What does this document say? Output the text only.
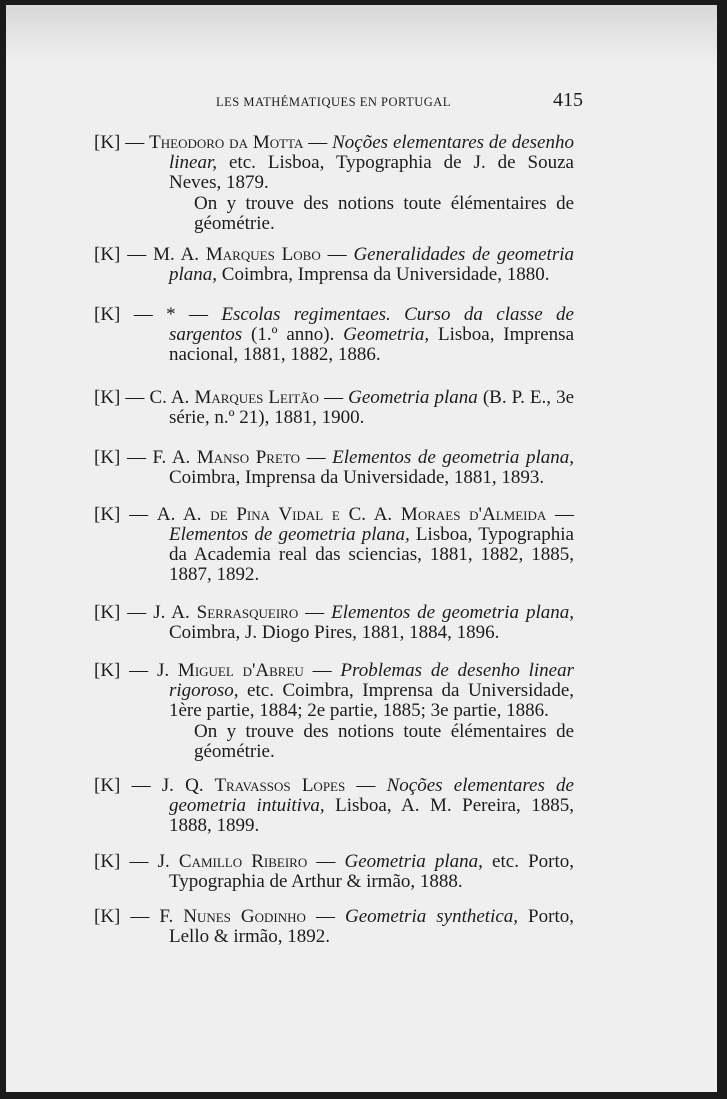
LES MATHÉMATIQUES EN PORTUGAL	415
[K] — Theodoro da Motta — Noções elementares de desenho linear, etc. Lisboa, Typographia de J. de Souza Neves, 1879.
On y trouve des notions toute élémentaires de géométrie.
[K] — M. A. Marques Lobo — Generalidades de geometria plana, Coimbra, Imprensa da Universidade, 1880.
[K] — * — Escolas regimentaes. Curso da classe de sargentos (1.º anno). Geometria, Lisboa, Imprensa nacional, 1881, 1882, 1886.
[K] — C. A. Marques Leitão — Geometria plana (B. P. E., 3e série, n.º 21), 1881, 1900.
[K] — F. A. Manso Preto — Elementos de geometria plana, Coimbra, Imprensa da Universidade, 1881, 1893.
[K] — A. A. de Pina Vidal e C. A. Moraes d'Almeida — Elementos de geometria plana, Lisboa, Typographia da Academia real das sciencias, 1881, 1882, 1885, 1887, 1892.
[K] — J. A. Serrasqueiro — Elementos de geometria plana, Coimbra, J. Diogo Pires, 1881, 1884, 1896.
[K] — J. Miguel d'Abreu — Problemas de desenho linear rigoroso, etc. Coimbra, Imprensa da Universidade, 1ère partie, 1884; 2e partie, 1885; 3e partie, 1886.
On y trouve des notions toute élémentaires de géométrie.
[K] — J. Q. Travassos Lopes — Noções elementares de geometria intuitiva, Lisboa, A. M. Pereira, 1885, 1888, 1899.
[K] — J. Camillo Ribeiro — Geometria plana, etc. Porto, Typographia de Arthur & irmão, 1888.
[K] — F. Nunes Godinho — Geometria synthetica, Porto, Lello & irmão, 1892.
